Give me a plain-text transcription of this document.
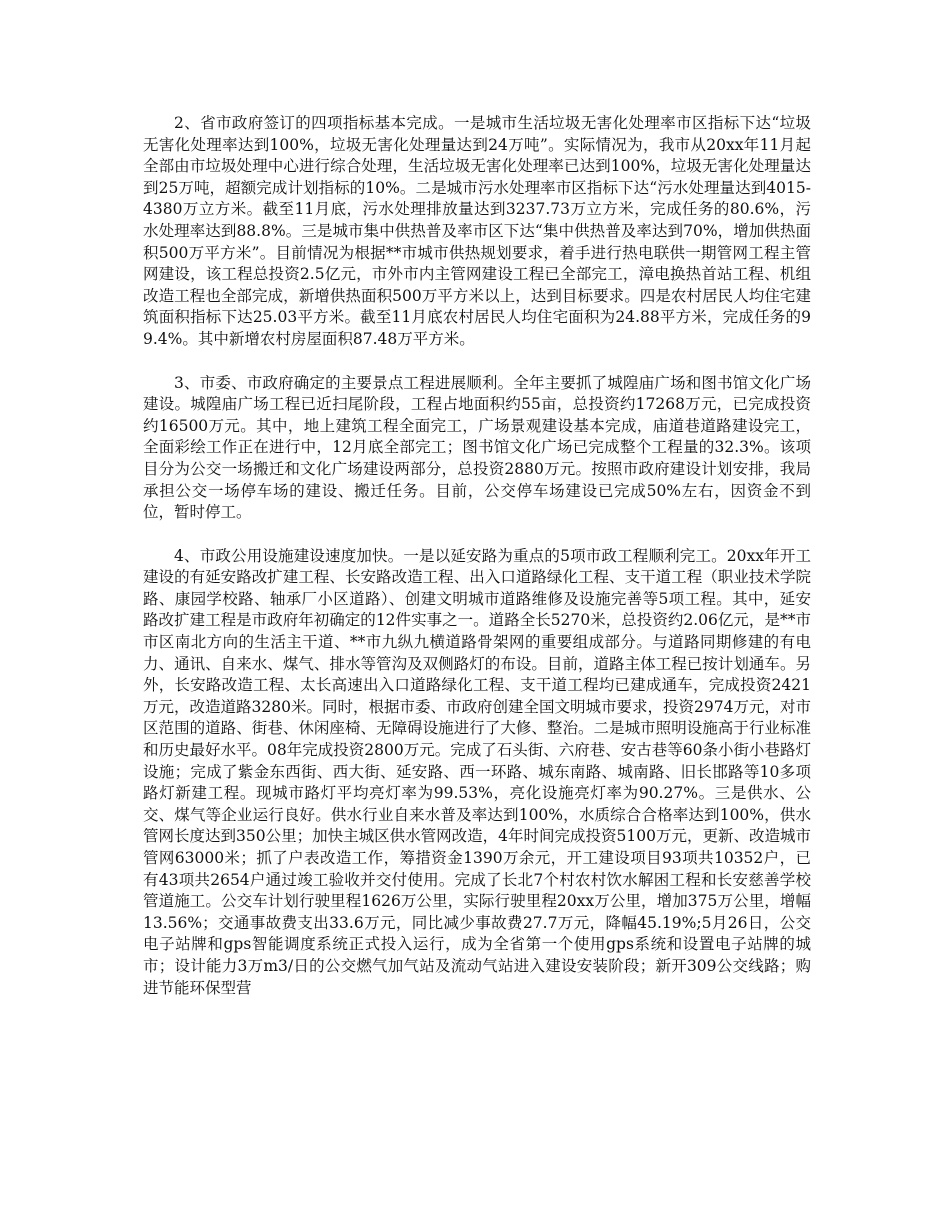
2、省市政府签订的四项指标基本完成。一是城市生活垃圾无害化处理率市区指标下达“垃圾无害化处理率达到100%，垃圾无害化处理量达到24万吨”。实际情况为，我市从20xx年11月起全部由市垃圾处理中心进行综合处理，生活垃圾无害化处理率已达到100%，垃圾无害化处理量达到25万吨，超额完成计划指标的10%。二是城市污水处理率市区指标下达“污水处理量达到4015-4380万立方米。截至11月底，污水处理排放量达到3237.73万立方米，完成任务的80.6%，污水处理率达到88.8%。三是城市集中供热普及率市区下达“集中供热普及率达到70%，增加供热面积500万平方米”。目前情况为根据**市城市供热规划要求，着手进行热电联供一期管网工程主管网建设，该工程总投资2.5亿元，市外市内主管网建设工程已全部完工，漳电换热首站工程、机组改造工程也全部完成，新增供热面积500万平方米以上，达到目标要求。四是农村居民人均住宅建筑面积指标下达25.03平方米。截至11月底农村居民人均住宅面积为24.88平方米，完成任务的99.4%。其中新增农村房屋面积87.48万平方米。

3、市委、市政府确定的主要景点工程进展顺利。全年主要抓了城隍庙广场和图书馆文化广场建设。城隍庙广场工程已近扫尾阶段，工程占地面积约55亩，总投资约17268万元，已完成投资约16500万元。其中，地上建筑工程全面完工，广场景观建设基本完成，庙道巷道路建设完工，全面彩绘工作正在进行中，12月底全部完工；图书馆文化广场已完成整个工程量的32.3%。该项目分为公交一场搬迁和文化广场建设两部分，总投资2880万元。按照市政府建设计划安排，我局承担公交一场停车场的建设、搬迁任务。目前，公交停车场建设已完成50%左右，因资金不到位，暂时停工。

4、市政公用设施建设速度加快。一是以延安路为重点的5项市政工程顺利完工。20xx年开工建设的有延安路改扩建工程、长安路改造工程、出入口道路绿化工程、支干道工程（职业技术学院路、康园学校路、轴承厂小区道路）、创建文明城市道路维修及设施完善等5项工程。其中，延安路改扩建工程是市政府年初确定的12件实事之一。道路全长5270米，总投资约2.06亿元，是**市市区南北方向的生活主干道、**市九纵九横道路骨架网的重要组成部分。与道路同期修建的有电力、通讯、自来水、煤气、排水等管沟及双侧路灯的布设。目前，道路主体工程已按计划通车。另外，长安路改造工程、太长高速出入口道路绿化工程、支干道工程均已建成通车，完成投资2421万元，改造道路3280米。同时，根据市委、市政府创建全国文明城市要求，投资2974万元，对市区范围的道路、街巷、休闲座椅、无障碍设施进行了大修、整治。二是城市照明设施高于行业标准和历史最好水平。08年完成投资2800万元。完成了石头街、六府巷、安古巷等60条小街小巷路灯设施；完成了紫金东西街、西大街、延安路、西一环路、城东南路、城南路、旧长邯路等10多项路灯新建工程。现城市路灯平均亮灯率为99.53%，亮化设施亮灯率为90.27%。三是供水、公交、煤气等企业运行良好。供水行业自来水普及率达到100%，水质综合合格率达到100%，供水管网长度达到350公里；加快主城区供水管网改造，4年时间完成投资5100万元，更新、改造城市管网63000米；抓了户表改造工作，筹措资金1390万余元，开工建设项目93项共10352户，已有43项共2654户通过竣工验收并交付使用。完成了长北7个村农村饮水解困工程和长安慈善学校管道施工。公交车计划行驶里程1626万公里，实际行驶里程20xx万公里，增加375万公里，增幅13.56%；交通事故费支出33.6万元，同比减少事故费27.7万元，降幅45.19%;5月26日，公交电子站牌和gps智能调度系统正式投入运行，成为全省第一个使用gps系统和设置电子站牌的城市；设计能力3万m3/日的公交燃气加气站及流动气站进入建设安装阶段；新开309公交线路；购进节能环保型营
